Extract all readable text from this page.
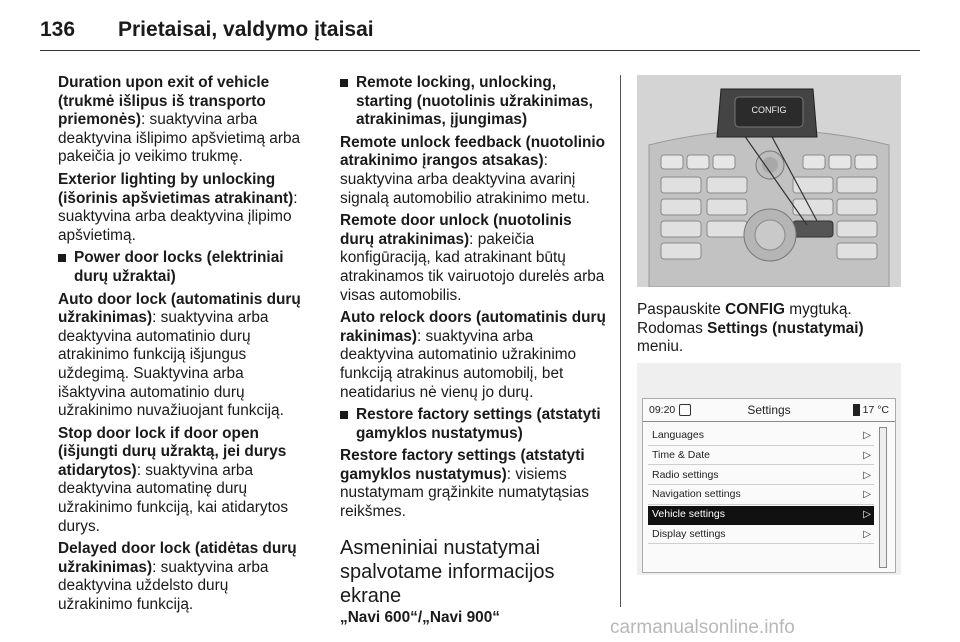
136 Prietaisai, valdymo įtaisai

Duration upon exit of vehicle (trukmė išlipus iš transporto priemonės): suaktyvina arba deaktyvina išlipimo apšvietimą arba pakeičia jo veikimo trukmę.

Exterior lighting by unlocking (išorinis apšvietimas atrakinant): suaktyvina arba deaktyvina įlipimo apšvietimą.

Power door locks (elektriniai durų užraktai)

Auto door lock (automatinis durų užrakinimas): suaktyvina arba deaktyvina automatinio durų atrakinimo funkciją išjungus uždegimą. Suaktyvina arba išaktyvina automatinio durų užrakinimo nuvažiuojant funkciją.

Stop door lock if door open (išjungti durų užraktą, jei durys atidarytos): suaktyvina arba deaktyvina automatinę durų užrakinimo funkciją, kai atidarytos durys.

Delayed door lock (atidėtas durų užrakinimas): suaktyvina arba deaktyvina uždelsto durų užrakinimo funkciją.

Remote locking, unlocking, starting (nuotolinis užrakinimas, atrakinimas, įjungimas)

Remote unlock feedback (nuotolinio atrakinimo įrangos atsakas): suaktyvina arba deaktyvina avarinį signalą automobilio atrakinimo metu.

Remote door unlock (nuotolinis durų atrakinimas): pakeičia konfigūraciją, kad atrakinant būtų atrakinamos tik vairuotojo durelės arba visas automobilis.

Auto relock doors (automatinis durų rakinimas): suaktyvina arba deaktyvina automatinio užrakinimo funkciją atrakinus automobilį, bet neatidarius nė vienų jo durų.

Restore factory settings (atstatyti gamyklos nustatymus)

Restore factory settings (atstatyti gamyklos nustatymus): visiems nustatymam grąžinkite numatytąsias reikšmes.

Asmeniniai nustatymai spalvotame informacijos ekrane
„Navi 600“/„Navi 900“
CONFIG

Paspauskite CONFIG mygtuką.

Rodomas Settings (nustatymai) meniu.

09:20	Settings	17 °C
Languages	▷
Time & Date	▷
Radio settings	▷
Navigation settings	▷
Vehicle settings	▷
Display settings	▷
carmanualsonline.info
